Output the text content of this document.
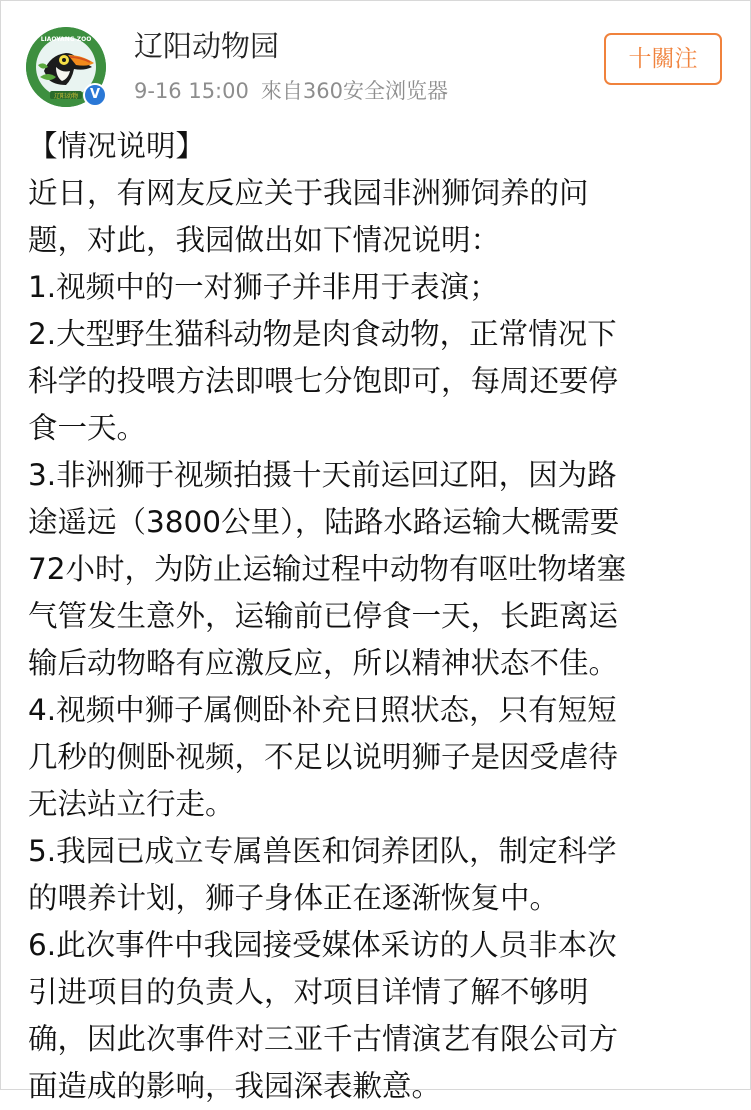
辽阳动物
LIAOYANG ZOO
V
辽阳动物园
9-16 15:00 來自360安全浏览器
十關注
【情况说明】
近日，有网友反应关于我园非洲狮饲养的问
题，对此，我园做出如下情况说明：
1.视频中的一对狮子并非用于表演；
2.大型野生猫科动物是肉食动物，正常情况下
科学的投喂方法即喂七分饱即可，每周还要停
食一天。
3.非洲狮于视频拍摄十天前运回辽阳，因为路
途遥远（3800公里），陆路水路运输大概需要
72小时，为防止运输过程中动物有呕吐物堵塞
气管发生意外，运输前已停食一天，长距离运
输后动物略有应激反应，所以精神状态不佳。
4.视频中狮子属侧卧补充日照状态，只有短短
几秒的侧卧视频，不足以说明狮子是因受虐待
无法站立行走。
5.我园已成立专属兽医和饲养团队，制定科学
的喂养计划，狮子身体正在逐渐恢复中。
6.此次事件中我园接受媒体采访的人员非本次
引进项目的负责人，对项目详情了解不够明
确，因此次事件对三亚千古情演艺有限公司方
面造成的影响，我园深表歉意。
